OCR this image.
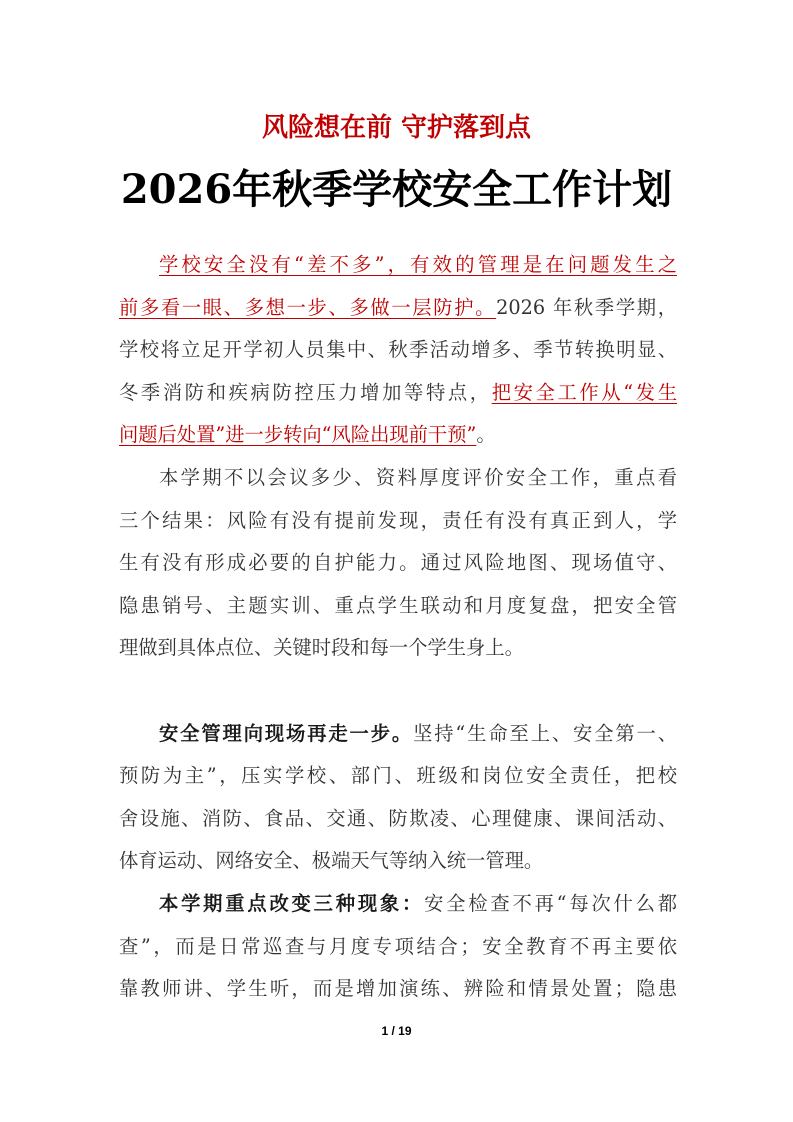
风险想在前 守护落到点
2026年秋季学校安全工作计划
学校安全没有“差不多”，有效的管理是在问题发生之
前多看一眼、多想一步、多做一层防护。2026 年秋季学期，
学校将立足开学初人员集中、秋季活动增多、季节转换明显、
冬季消防和疾病防控压力增加等特点，把安全工作从“发生
问题后处置”进一步转向“风险出现前干预”。
本学期不以会议多少、资料厚度评价安全工作，重点看
三个结果：风险有没有提前发现，责任有没有真正到人，学
生有没有形成必要的自护能力。通过风险地图、现场值守、
隐患销号、主题实训、重点学生联动和月度复盘，把安全管
理做到具体点位、关键时段和每一个学生身上。
安全管理向现场再走一步。坚持“生命至上、安全第一、
预防为主”，压实学校、部门、班级和岗位安全责任，把校
舍设施、消防、食品、交通、防欺凌、心理健康、课间活动、
体育运动、网络安全、极端天气等纳入统一管理。
本学期重点改变三种现象：安全检查不再“每次什么都
查”，而是日常巡查与月度专项结合；安全教育不再主要依
靠教师讲、学生听，而是增加演练、辨险和情景处置；隐患
1 / 19
